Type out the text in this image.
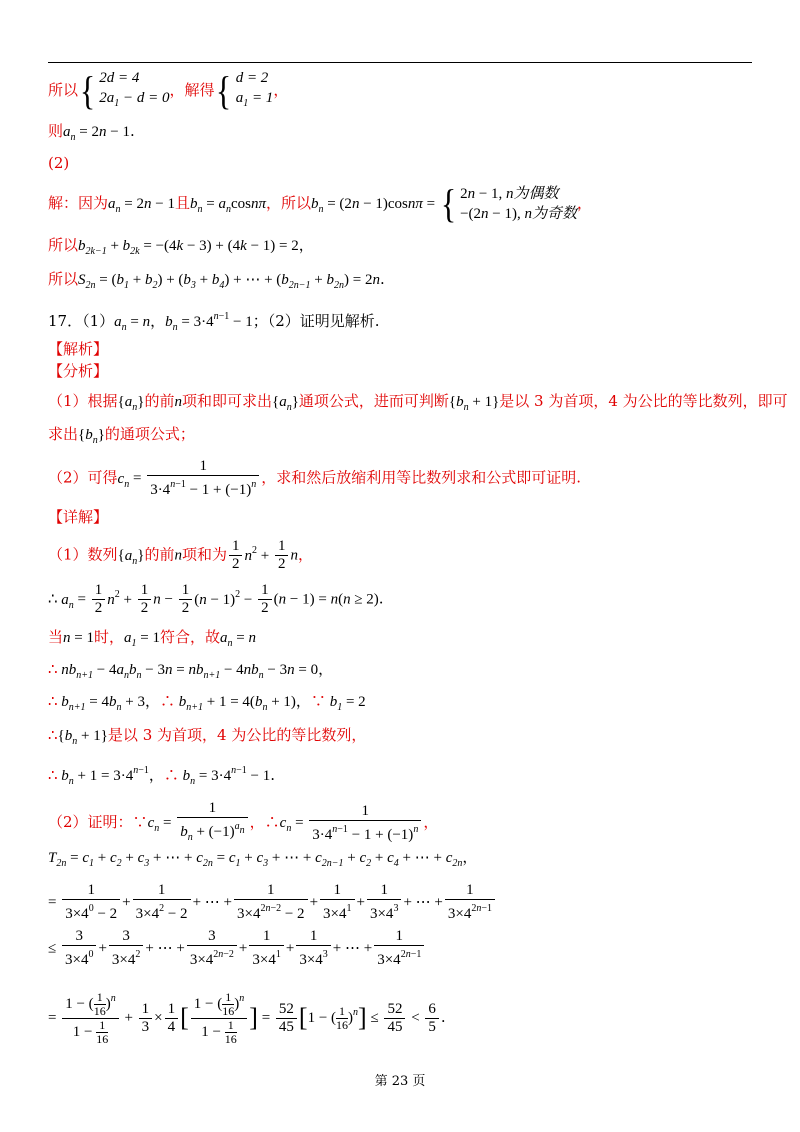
所以{ 2d = 4
$2a_1 - d = 0$，解得{ d = 2
$a_1 = 1$，
则$a_n = 2n - 1$.
(2)
解：因为$a_n = 2n - 1$且$b_n = a_n\cos n\pi$，所以$b_n = (2n - 1)\cos n\pi$ = { 2n − 1, n为偶数
−(2n − 1), n为奇数，
所以$b_{2k-1} + b_{2k} = -(4k - 3) + (4k - 1) = 2$，
所以$S_{2n} = (b_1 + b_2) + (b_3 + b_4)$ + ⋯ + $(b_{2n-1} + b_{2n}) = 2n$.
17．$(1)a_n = n$，$b_n = 3\cdot 4^{n-1} - 1$；（2）证明见解析.
【解析】
【分析】
（1）根据$\{a_n\}$的前n项和即可求出$\{a_n\}$通项公式，进而可判断$\{b_n + 1\}$是以 3 为首项，4 为公比的等比数列，即可
求出$\{b_n\}$的通项公式；
（2）可得$c_n = \frac{1}{3\cdot 4^{n-1} - 1 + (-1)^n}$ ，求和然后放缩利用等比数列求和公式即可证明.
【详解】
（1）数列$\{a_n\}$的前n项和为 $\frac{1}{2} n^2 + \frac{1}{2}$ n，
∴ $a_n = \frac{1}{2} n^2 + \frac{1}{2}$ $n - \frac{1}{2} (n - 1)^2 - \frac{1}{2} (n - 1) = n(n \ge 2)$.
当n = 1时，$a_1 = 1$符合，故$a_n = n$
∴ $nb_{n+1} - 4a_nb_n - 3n = nb_{n+1} - 4nb_n - 3n = 0$，
∴ $b_{n+1} = 4b_n + 3$，∴ $b_{n+1} + 1 = 4(b_n + 1)$，∵ $b_1 = 2$
$\therefore\{b_n + 1\}$是以 3 为首项，4 为公比的等比数列，
∴ $b_n + 1 = 3\cdot 4^{n-1}$，∴ $b_n = 3\cdot 4^{n-1} - 1$.
（2）证明：$\because c_n = \frac{1}{b_n + (-1)^{an}}$ ，$\therefore c_n = \frac{1}{3\cdot 4^{n-1} - 1 + (-1)^n}$ ，
$T_{2n} = c_1 + c_2 + c_3$ + ⋯ + $c_{2n} = c_1 + c_3$ + ⋯ + $c_{2n-1} + c_2 + c_4$ + ⋯ + $c_{2n}$，
= $\frac{1}{3\times 4^0 - 2} + \frac{1}{3\times 4^2 - 2}$ + ⋯ + $\frac{1}{3\times 4^{2n-2} - 2} + \frac{1}{3\times 4^1} + \frac{1}{3\times 4^3}$ + ⋯ + $\frac{1}{3\times 4^{2n-1}}$
≤ $\frac{3}{3\times 4^0} + \frac{3}{3\times 4^2}$ + ⋯ + $\frac{3}{3\times 4^{2n-2}} + \frac{1}{3\times 4^1} + \frac{1}{3\times 4^3}$ + ⋯ + $\frac{1}{3\times 4^{2n-1}}$
= $\frac{1 - ( \frac{1}{16} )^n}{1 - \frac{1}{16}} + \frac{1}{3} \times \frac{1}{4}$ [ $\frac{1 - ( \frac{1}{16} )^n}{1 - \frac{1}{16}}$ ] = $\frac{52}{45} [1$ − ( $\frac{1}{16} )^n] \le \frac{52}{45} < \frac{6}{5}$ .
第 23 页
